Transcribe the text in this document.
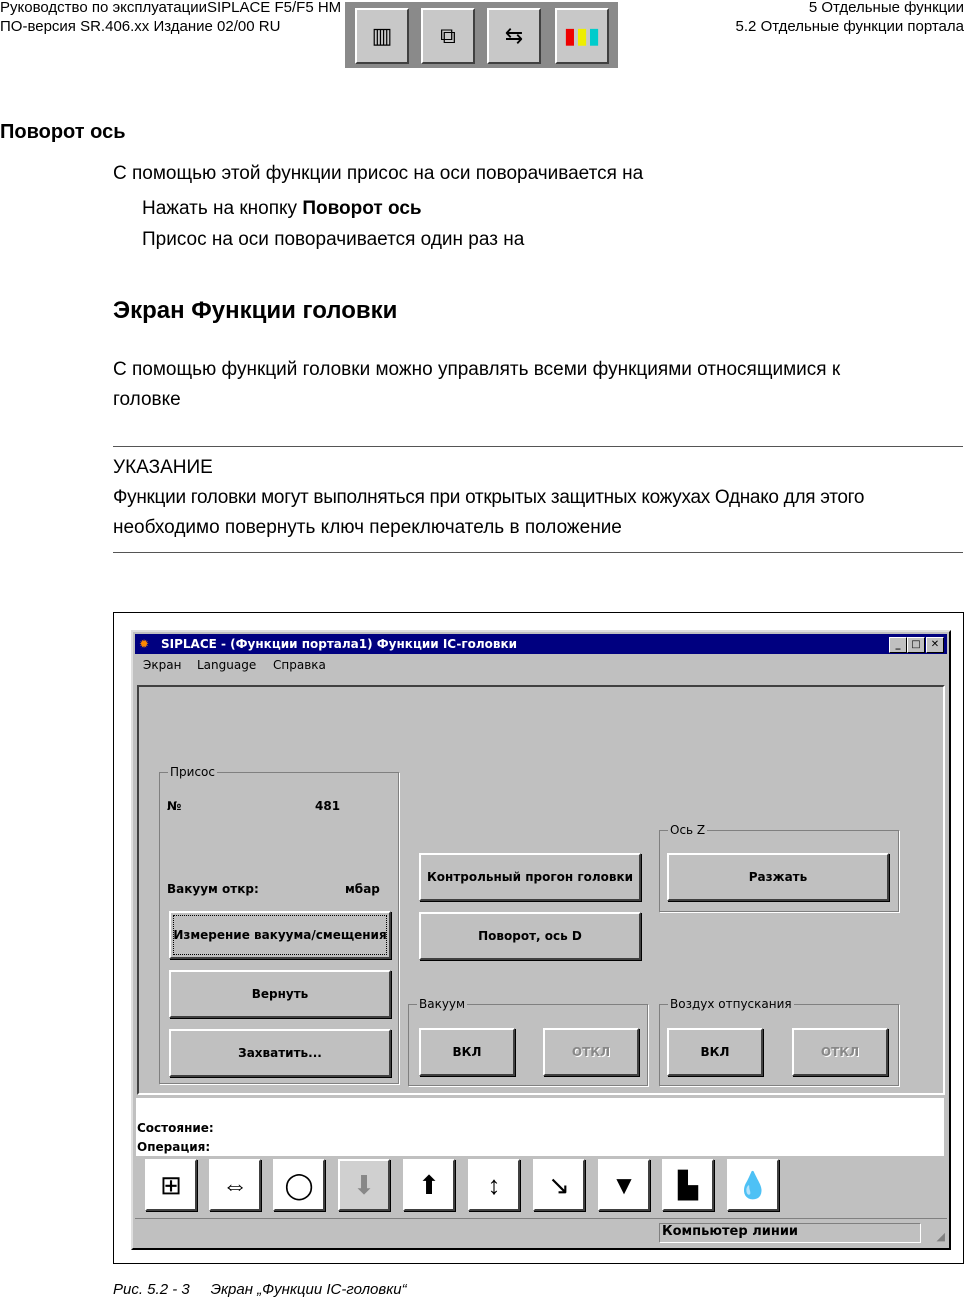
Руководство по эксплуатацииSIPLACE F5/F5 HM
ПО-версия SR.406.xx Издание 02/00 RU
5 Отдельные функции
5.2 Отдельные функции портала
▥	⧉	⇆	▮ ▮ ▮
Поворот ось
С помощью этой функции присос на оси поворачивается на
Нажать на кнопку Поворот ось
Присос на оси поворачивается один раз на
Экран Функции головки
С помощью функций головки можно управлять всеми функциями относящимися к
головке
УКАЗАНИЕ
Функции головки могут выполняться при открытых защитных кожухах Однако для этого
необходимо повернуть ключ переключатель в положение
✹ SIPLACE - (Функции портала1) Функции IC-головки	_	□	✕
Экран Language Справка
Присос
№	481
Вакуум откр:	мбар
Измерение вакуума/смещения
Вернуть
Захватить...
Контрольный прогон головки
Поворот, ось D
Ось Z
Разжать
Вакуум
ВКЛ	ОТКЛ
Воздух отпускания
ВКЛ	ОТКЛ
Состояние:
Операция:
Компьютер линии	◢
⊞	⇔	◯	⬇	⬆	↕	↘	▼	▙	💧
Рис. 5.2 - 3 Экран „Функции IC-головки“
